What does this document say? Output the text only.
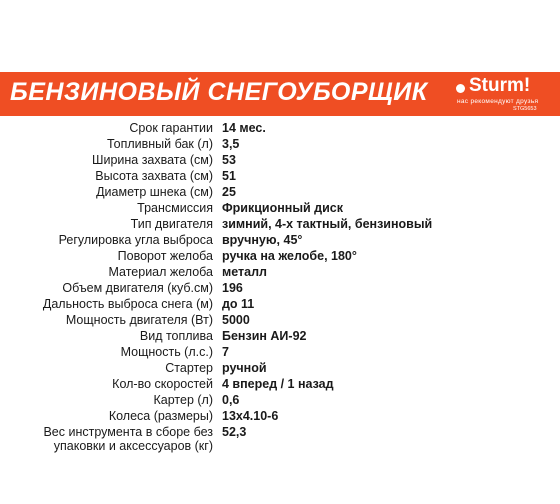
БЕНЗИНОВЫЙ СНЕГОУБОРЩИК Sturm!
нас рекомендуют друзья
STG5653
Срок гарантии 14 мес.
Топливный бак (л) 3,5
Ширина захвата (см) 53
Высота захвата (см) 51
Диаметр шнека (см) 25
Трансмиссия Фрикционный диск
Тип двигателя зимний, 4-х тактный, бензиновый
Регулировка угла выброса вручную, 45°
Поворот желоба ручка на желобе, 180°
Материал желоба металл
Объем двигателя (куб.см) 196
Дальность выброса снега (м) до 11
Мощность двигателя (Вт) 5000
Вид топлива Бензин АИ-92
Мощность (л.с.) 7
Стартер ручной
Кол-во скоростей 4 вперед / 1 назад
Картер (л) 0,6
Колеса (размеры) 13x4.10-6
Вес инструмента в сборе без
упаковки и аксессуаров (кг)
52,3
